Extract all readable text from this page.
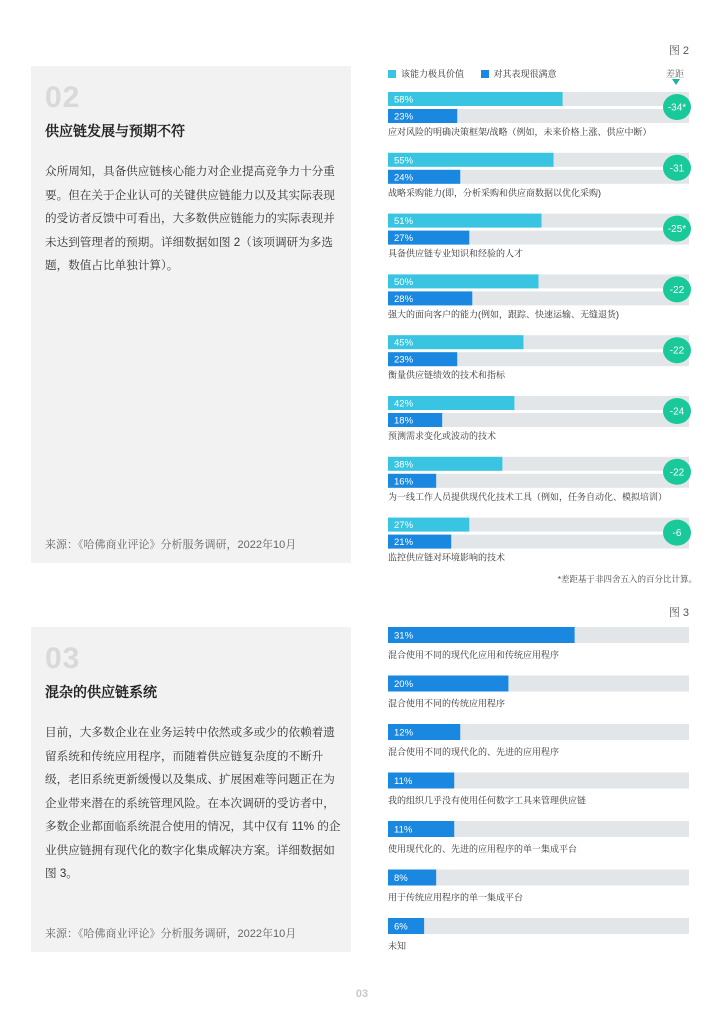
02
供应链发展与预期不符
众所周知，具备供应链核心能力对企业提高竞争力十分重要。但在关于企业认可的关键供应链能力以及其实际表现的受访者反馈中可看出，大多数供应链能力的实际表现并未达到管理者的预期。详细数据如图 2（该项调研为多选题，数值占比单独计算）。
来源：《哈佛商业评论》分析服务调研，2022年10月
03
混杂的供应链系统
目前，大多数企业在业务运转中依然或多或少的依赖着遗留系统和传统应用程序，而随着供应链复杂度的不断升级，老旧系统更新缓慢以及集成、扩展困难等问题正在为企业带来潜在的系统管理风险。在本次调研的受访者中，多数企业都面临系统混合使用的情况，其中仅有 11% 的企业供应链拥有现代化的数字化集成解决方案。详细数据如图 3。
来源：《哈佛商业评论》分析服务调研，2022年10月
图 2
该能力极具价值	对其表现很满意	差距
58%
23%
应对风险的明确决策框架/战略（例如，未来价格上涨、供应中断）
-34*
55%
24%
战略采购能力(即，分析采购和供应商数据以优化采购)
-31
51%
27%
具备供应链专业知识和经验的人才
-25*
50%
28%
强大的面向客户的能力(例如，跟踪、快速运输、无缝退货)
-22
45%
23%
衡量供应链绩效的技术和指标
-22
42%
18%
预测需求变化或波动的技术
-24
38%
16%
为一线工作人员提供现代化技术工具（例如，任务自动化、模拟培训）
-22
27%
21%
监控供应链对环境影响的技术
-6
31%
混合使用不同的现代化应用和传统应用程序
20%
混合使用不同的传统应用程序
12%
混合使用不同的现代化的、先进的应用程序
11%
我的组织几乎没有使用任何数字工具来管理供应链
11%
使用现代化的、先进的应用程序的单一集成平台
8%
用于传统应用程序的单一集成平台
6%
未知
*差距基于非四舍五入的百分比计算。
图 3
03
